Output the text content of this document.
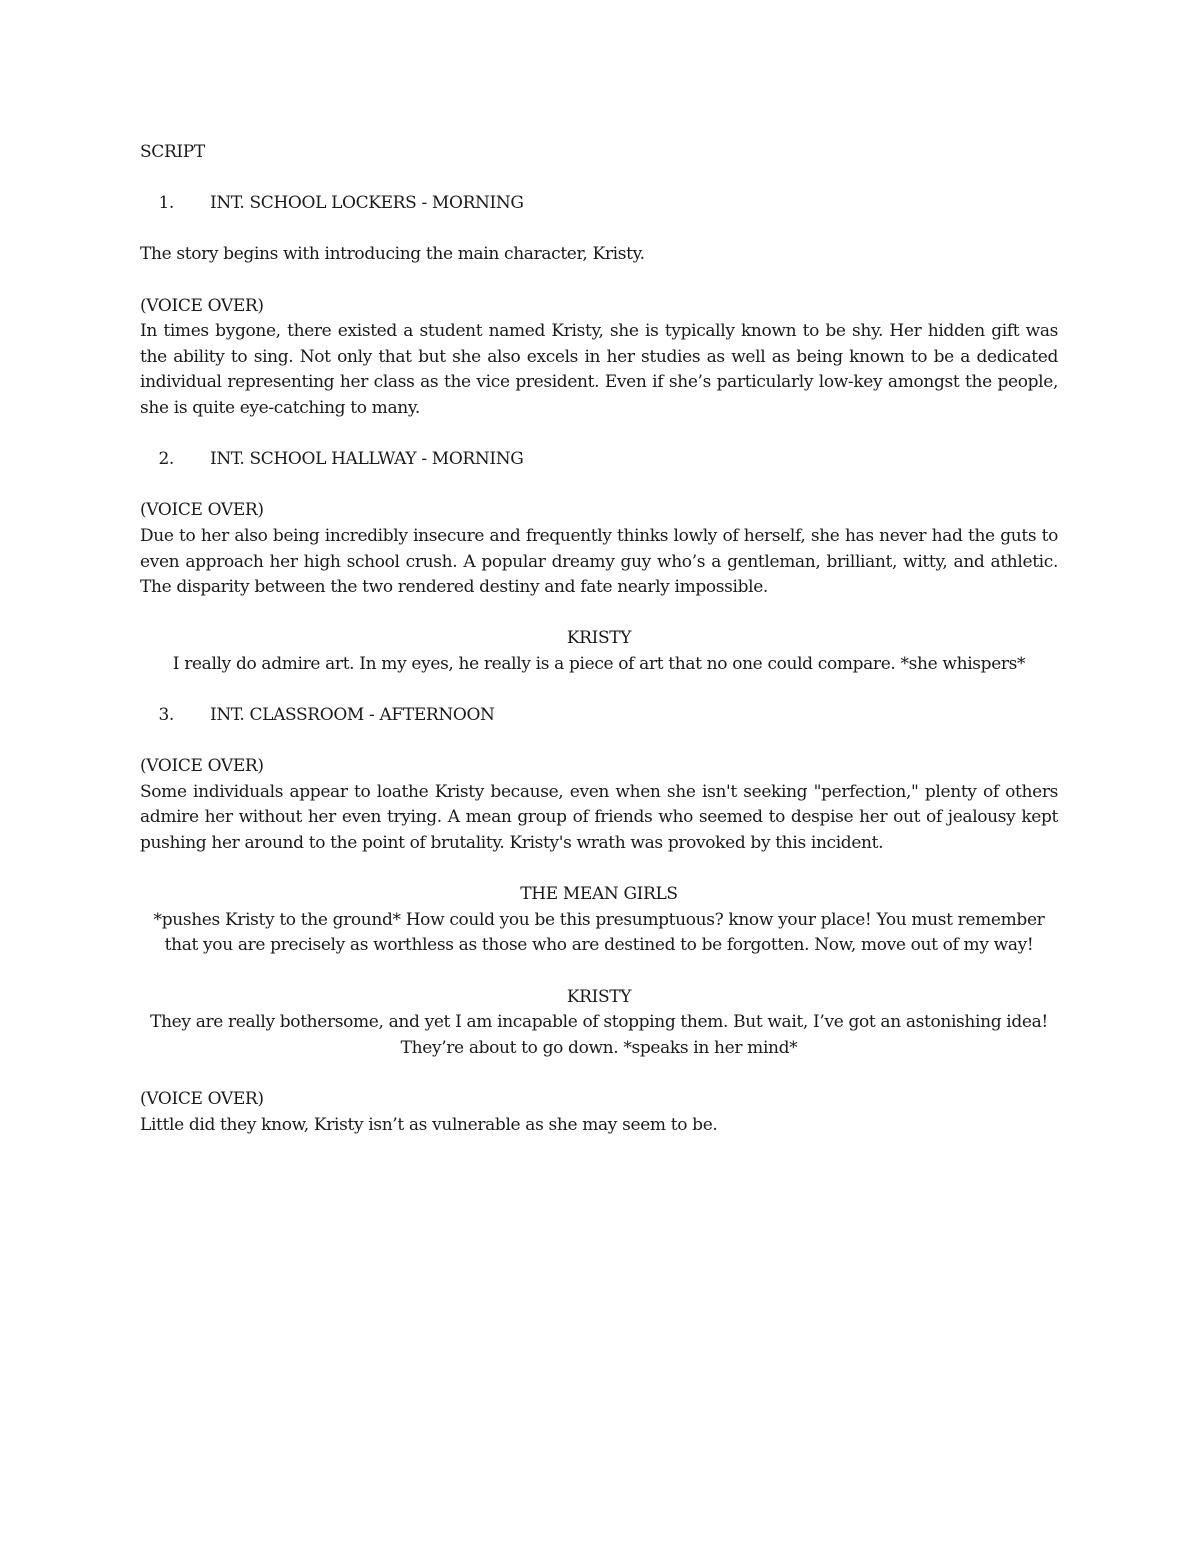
SCRIPT

1.	INT. SCHOOL LOCKERS - MORNING

The story begins with introducing the main character, Kristy.

(VOICE OVER)
In times bygone, there existed a student named Kristy, she is typically known to be shy. Her hidden gift was the ability to sing. Not only that but she also excels in her studies as well as being known to be a dedicated individual representing her class as the vice president. Even if she’s particularly low-key amongst the people, she is quite eye-catching to many.
2.	INT. SCHOOL HALLWAY - MORNING
(VOICE OVER)
Due to her also being incredibly insecure and frequently thinks lowly of herself, she has never had the guts to even approach her high school crush. A popular dreamy guy who’s a gentleman, brilliant, witty, and athletic. The disparity between the two rendered destiny and fate nearly impossible.
KRISTY
I really do admire art. In my eyes, he really is a piece of art that no one could compare. *she whispers*
3.	INT. CLASSROOM - AFTERNOON
(VOICE OVER)
Some individuals appear to loathe Kristy because, even when she isn't seeking "perfection," plenty of others admire her without her even trying. A mean group of friends who seemed to despise her out of jealousy kept pushing her around to the point of brutality. Kristy's wrath was provoked by this incident.
THE MEAN GIRLS
*pushes Kristy to the ground* How could you be this presumptuous? know your place! You must remember that you are precisely as worthless as those who are destined to be forgotten. Now, move out of my way!
KRISTY
They are really bothersome, and yet I am incapable of stopping them. But wait, I’ve got an astonishing idea! They’re about to go down. *speaks in her mind*
(VOICE OVER)
Little did they know, Kristy isn’t as vulnerable as she may seem to be.
